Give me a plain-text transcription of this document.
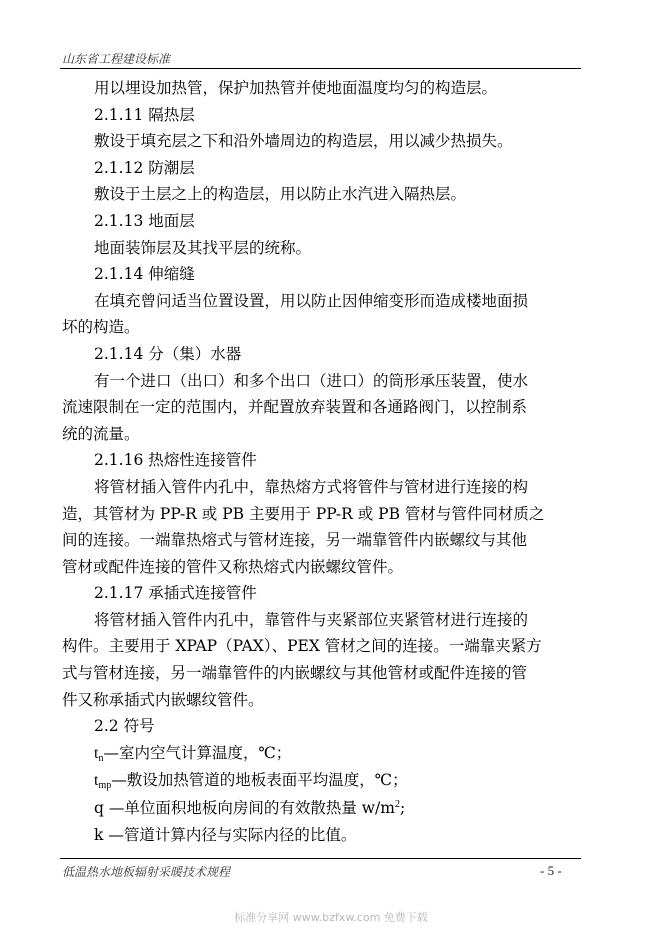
山东省工程建设标准

用以埋设加热管，保护加热管并使地面温度均匀的构造层。

2.1.11 隔热层

敷设于填充层之下和沿外墙周边的构造层，用以减少热损失。

2.1.12 防潮层

敷设于土层之上的构造层，用以防止水汽进入隔热层。

2.1.13 地面层

地面装饰层及其找平层的统称。

2.1.14 伸缩缝

在填充曾问适当位置设置，用以防止因伸缩变形而造成楼地面损

坏的构造。

2.1.14 分（集）水器

有一个进口（出口）和多个出口（进口）的筒形承压装置，使水

流速限制在一定的范围内，并配置放弃装置和各通路阀门，以控制系

统的流量。

2.1.16 热熔性连接管件

将管材插入管件内孔中，靠热熔方式将管件与管材进行连接的构

造，其管材为 PP-R 或 PB 主要用于 PP-R 或 PB 管材与管件同材质之

间的连接。一端靠热熔式与管材连接，另一端靠管件内嵌螺纹与其他

管材或配件连接的管件又称热熔式内嵌螺纹管件。

2.1.17 承插式连接管件

将管材插入管件内孔中，靠管件与夹紧部位夹紧管材进行连接的

构件。主要用于 XPAP（PAX）、PEX 管材之间的连接。一端靠夹紧方

式与管材连接，另一端靠管件的内嵌螺纹与其他管材或配件连接的管

件又称承插式内嵌螺纹管件。

2.2 符号

$t_n—$室内空气计算温度，℃；

$t_{mp}—$敷设加热管道的地板表面平均温度，℃；

q —单位面积地板向房间的有效散热量 $w/m^2$;

k —管道计算内径与实际内径的比值。

低温热水地板辐射采暖技术规程	- 5 -
标准分享网 www.bzfxw.com 免费下载
